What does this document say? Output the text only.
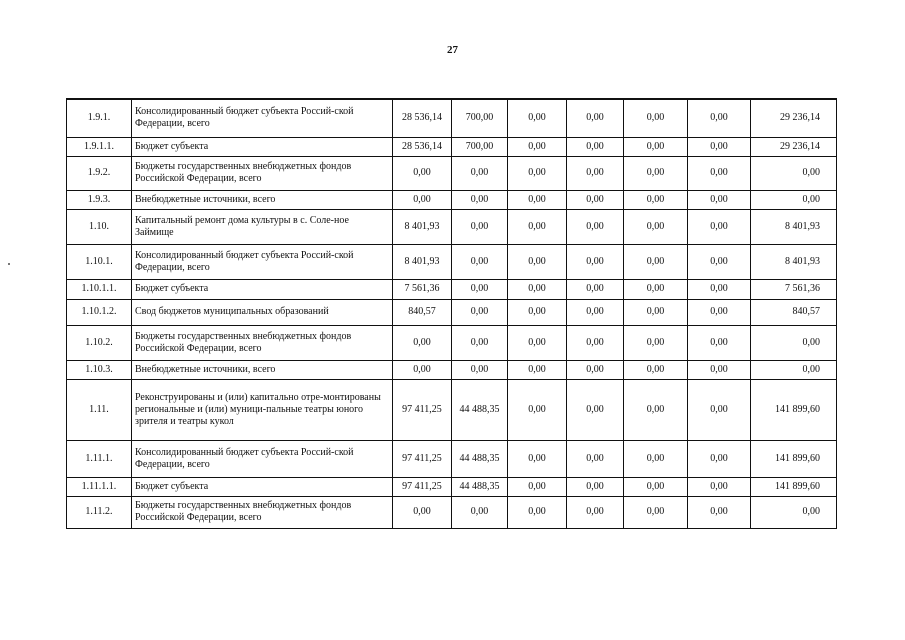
27
1.9.1.	Консолидированный бюджет субъекта Россий-ской Федерации, всего	28 536,14	700,00	0,00	0,00	0,00	0,00	29 236,14
1.9.1.1.	Бюджет субъекта	28 536,14	700,00	0,00	0,00	0,00	0,00	29 236,14
1.9.2.	Бюджеты государственных внебюджетных фондов Российской Федерации, всего	0,00	0,00	0,00	0,00	0,00	0,00	0,00
1.9.3.	Внебюджетные источники, всего	0,00	0,00	0,00	0,00	0,00	0,00	0,00
1.10.	Капитальный ремонт дома культуры в с. Соле-ное Займище	8 401,93	0,00	0,00	0,00	0,00	0,00	8 401,93
1.10.1.	Консолидированный бюджет субъекта Россий-ской Федерации, всего	8 401,93	0,00	0,00	0,00	0,00	0,00	8 401,93
1.10.1.1.	Бюджет субъекта	7 561,36	0,00	0,00	0,00	0,00	0,00	7 561,36
1.10.1.2.	Свод бюджетов муниципальных образований	840,57	0,00	0,00	0,00	0,00	0,00	840,57
1.10.2.	Бюджеты государственных внебюджетных фондов Российской Федерации, всего	0,00	0,00	0,00	0,00	0,00	0,00	0,00
1.10.3.	Внебюджетные источники, всего	0,00	0,00	0,00	0,00	0,00	0,00	0,00
1.11.	Реконструированы и (или) капитально отре-монтированы региональные и (или) муници-пальные театры юного зрителя и театры кукол	97 411,25	44 488,35	0,00	0,00	0,00	0,00	141 899,60
1.11.1.	Консолидированный бюджет субъекта Россий-ской Федерации, всего	97 411,25	44 488,35	0,00	0,00	0,00	0,00	141 899,60
1.11.1.1.	Бюджет субъекта	97 411,25	44 488,35	0,00	0,00	0,00	0,00	141 899,60
1.11.2.	Бюджеты государственных внебюджетных фондов Российской Федерации, всего	0,00	0,00	0,00	0,00	0,00	0,00	0,00
